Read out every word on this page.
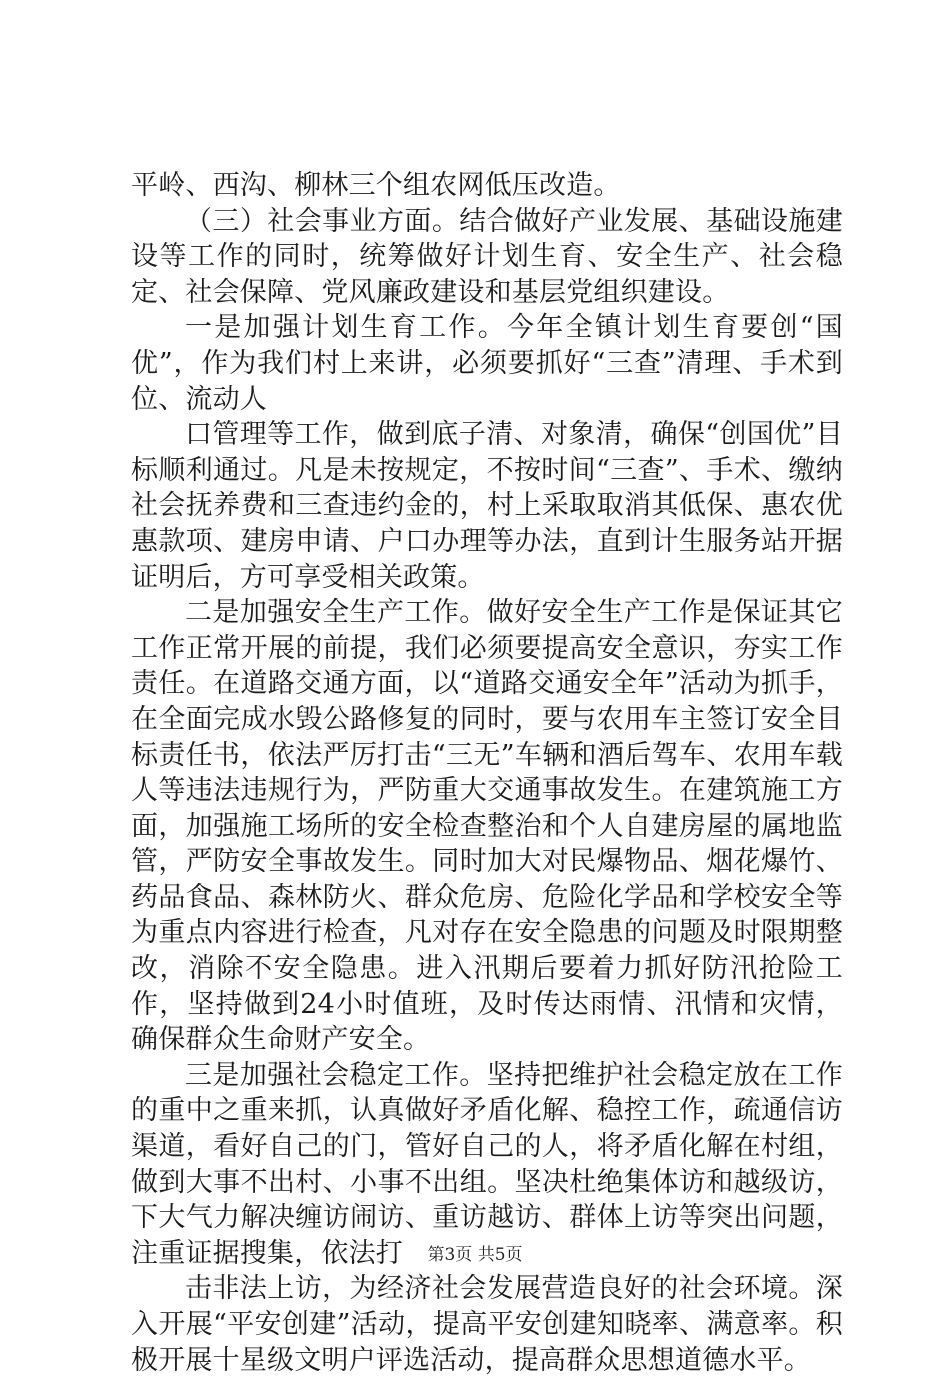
平岭、西沟、柳林三个组农网低压改造。

（三）社会事业方面。结合做好产业发展、基础设施建设等工作的同时，统筹做好计划生育、安全生产、社会稳定、社会保障、党风廉政建设和基层党组织建设。

一是加强计划生育工作。今年全镇计划生育要创“国优”，作为我们村上来讲，必须要抓好“三查”清理、手术到位、流动人

口管理等工作，做到底子清、对象清，确保“创国优”目标顺利通过。凡是未按规定，不按时间“三查”、手术、缴纳社会抚养费和三查违约金的，村上采取取消其低保、惠农优惠款项、建房申请、户口办理等办法，直到计生服务站开据证明后，方可享受相关政策。

二是加强安全生产工作。做好安全生产工作是保证其它工作正常开展的前提，我们必须要提高安全意识，夯实工作责任。在道路交通方面，以“道路交通安全年”活动为抓手，在全面完成水毁公路修复的同时，要与农用车主签订安全目标责任书，依法严厉打击“三无”车辆和酒后驾车、农用车载人等违法违规行为，严防重大交通事故发生。在建筑施工方面，加强施工场所的安全检查整治和个人自建房屋的属地监管，严防安全事故发生。同时加大对民爆物品、烟花爆竹、药品食品、森林防火、群众危房、危险化学品和学校安全等为重点内容进行检查，凡对存在安全隐患的问题及时限期整改，消除不安全隐患。进入汛期后要着力抓好防汛抢险工作，坚持做到24小时值班，及时传达雨情、汛情和灾情，确保群众生命财产安全。

三是加强社会稳定工作。坚持把维护社会稳定放在工作的重中之重来抓，认真做好矛盾化解、稳控工作，疏通信访渠道，看好自己的门，管好自己的人，将矛盾化解在村组，做到大事不出村、小事不出组。坚决杜绝集体访和越级访，下大气力解决缠访闹访、重访越访、群体上访等突出问题，注重证据搜集，依法打

击非法上访，为经济社会发展营造良好的社会环境。深入开展“平安创建”活动，提高平安创建知晓率、满意率。积极开展十星级文明户评选活动，提高群众思想道德水平。

第3页 共5页
